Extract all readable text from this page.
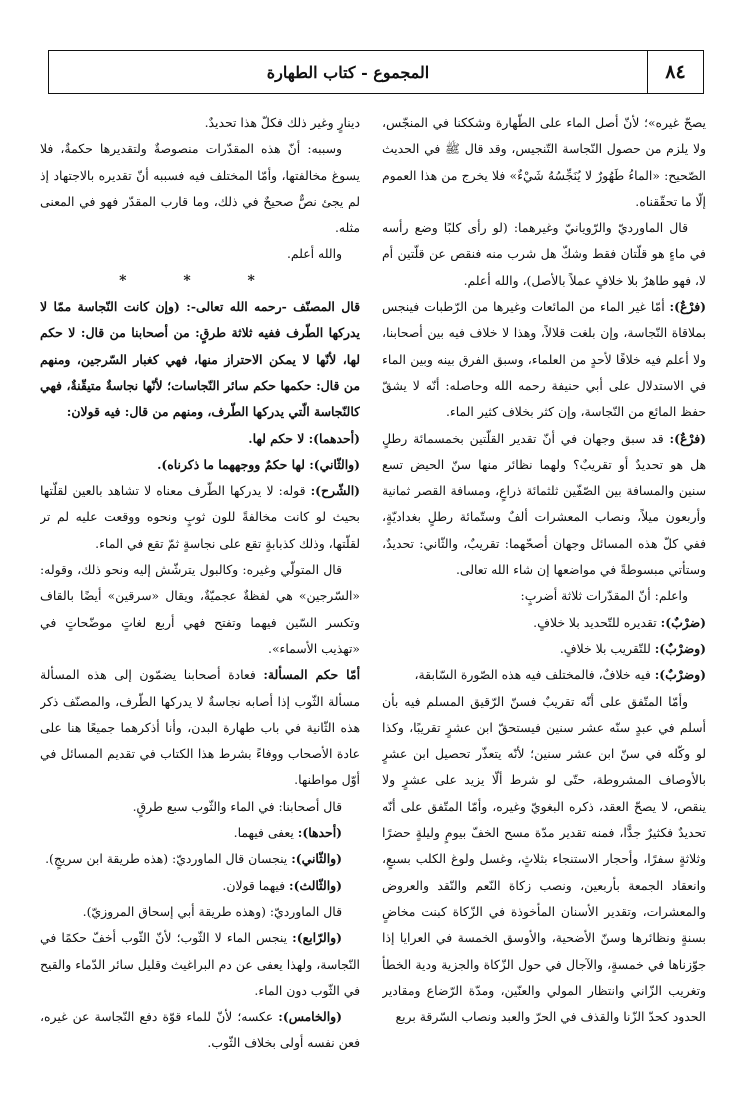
٨٤
المجموع - كتاب الطهارة

يصحّ غيره»؛ لأنّ أصل الماء على الطّهارة وشككنا في المنجّس، ولا يلزم من حصول النّجاسة التّنجيس، وقد قال ﷺ في الحديث الصّحيح: «الماءُ طَهُورٌ لا يُنَجِّسُهُ شَيْءٌ» فلا يخرج من هذا العموم إلّا ما تحقّقناه.

قال الماورديّ والرّويانيّ وغيرهما: (لو رأى كلبًا وضع رأسه في ماءٍ هو قلّتان فقط وشكّ هل شرب منه فنقص عن قلّتين أم لا، فهو طاهرٌ بلا خلافٍ عملاً بالأصل)، والله أعلم.

(فرْعٌ): أمّا غير الماء من المائعات وغيرها من الرّطبات فينجس بملاقاة النّجاسة، وإن بلغت قلالاً، وهذا لا خلاف فيه بين أصحابنا، ولا أعلم فيه خلافًا لأحدٍ من العلماء، وسبق الفرق بينه وبين الماء في الاستدلال على أبي حنيفة رحمه الله وحاصله: أنّه لا يشقّ حفظ المائع من النّجاسة، وإن كثر بخلاف كثير الماء.

(فرْعٌ): قد سبق وجهان في أنّ تقدير القلّتين بخمسمائة رطلٍ هل هو تحديدٌ أو تقريبٌ؟ ولهما نظائر منها سنّ الحيض تسع سنين والمسافة بين الصّفّين ثلثمائة ذراعٍ، ومسافة القصر ثمانية وأربعون ميلاً، ونصاب المعشرات ألفٌ وستّمائة رطلٍ بغداديّةٍ، ففي كلّ هذه المسائل وجهان أصحّهما: تقريبٌ، والثّاني: تحديدٌ، وستأتي مبسوطةً في مواضعها إن شاء الله تعالى.

واعلم: أنّ المقدّرات ثلاثة أضربٍ:

(ضرْبٌ): تقديره للتّحديد بلا خلافٍ.

(وضرْبٌ): للتّقريب بلا خلافٍ.

(وضرْبٌ): فيه خلافٌ، فالمختلف فيه هذه الصّورة السّابقة،

وأمّا المتّفق على أنّه تقريبٌ فسنّ الرّقيق المسلم فيه بأن أسلم في عبدٍ سنّه عشر سنين فيستحقّ ابن عشرٍ تقريبًا، وكذا لو وكّله في سنّ ابن عشر سنين؛ لأنّه يتعذّر تحصيل ابن عشرٍ بالأوصاف المشروطة، حتّى لو شرط ألّا يزيد على عشرٍ ولا ينقص، لا يصحّ العقد، ذكره البغويّ وغيره، وأمّا المتّفق على أنّه تحديدٌ فكثيرٌ جدًّا، فمنه تقدير مدّة مسح الخفّ بيومٍ وليلةٍ حضرًا وثلاثةٍ سفرًا، وأحجار الاستنجاء بثلاثٍ، وغسل ولوغ الكلب بسبعٍ، وانعقاد الجمعة بأربعين، ونصب زكاة النّعم والنّقد والعروض والمعشرات، وتقدير الأسنان المأخوذة في الزّكاة كبنت مخاضٍ بسنةٍ ونظائرها وسنّ الأضحية، والأوسق الخمسة في العرايا إذا جوّزناها في خمسةٍ، والآجال في حول الزّكاة والجزية ودية الخطأ وتغريب الزّاني وانتظار المولي والعنّين، ومدّة الرّضاع ومقادير الحدود كحدّ الزّنا والقذف في الحرّ والعبد ونصاب السّرقة بربع

دينارٍ وغير ذلك فكلّ هذا تحديدٌ.

وسببه: أنّ هذه المقدّرات منصوصةٌ ولتقديرها حكمةٌ، فلا يسوغ مخالفتها، وأمّا المختلف فيه فسببه أنّ تقديره بالاجتهاد إذ لم يجئ نصٌّ صحيحٌ في ذلك، وما قارب المقدّر فهو في المعنى مثله.

والله أعلم.

* * *

قال المصنّف -رحمه الله تعالى-: (وإن كانت النّجاسة ممّا لا يدركها الطّرف ففيه ثلاثة طرقٍ: من أصحابنا من قال: لا حكم لها، لأنّها لا يمكن الاحتراز منها، فهي كغبار السّرجين، ومنهم من قال: حكمها حكم سائر النّجاسات؛ لأنّها نجاسةٌ متيقّنةٌ، فهي كالنّجاسة الّتي يدركها الطّرف، ومنهم من قال: فيه قولان:

(أحدهما): لا حكم لها.

(والثّاني): لها حكمٌ ووجههما ما ذكرناه).

(الشّرح): قوله: لا يدركها الطّرف معناه لا تشاهد بالعين لقلّتها بحيث لو كانت مخالفةً للون ثوبٍ ونحوه ووقعت عليه لم تر لقلّتها، وذلك كذبابةٍ تقع على نجاسةٍ ثمّ تقع في الماء.

قال المتولّي وغيره: وكالبول يترشّش إليه ونحو ذلك، وقوله: «السّرجين» هي لفظةٌ عجميّةٌ، ويقال «سرقين» أيضًا بالقاف وتكسر السّين فيهما وتفتح فهي أربع لغاتٍ موضّحاتٍ في «تهذيب الأسماء».

أمّا حكم المسألة: فعادة أصحابنا يضمّون إلى هذه المسألة مسألة الثّوب إذا أصابه نجاسةٌ لا يدركها الطّرف، والمصنّف ذكر هذه الثّانية في باب طهارة البدن، وأنا أذكرهما جميعًا هنا على عادة الأصحاب ووفاءً بشرط هذا الكتاب في تقديم المسائل في أوّل مواطنها.

قال أصحابنا: في الماء والثّوب سبع طرقٍ.

(أحدها): يعفى فيهما.

(والثّاني): ينجسان قال الماورديّ: (هذه طريقة ابن سريجٍ).

(والثّالث): فيهما قولان.

قال الماورديّ: (وهذه طريقة أبي إسحاق المروزيّ).

(والرّابع): ينجس الماء لا الثّوب؛ لأنّ الثّوب أخفّ حكمًا في النّجاسة، ولهذا يعفى عن دم البراغيث وقليل سائر الدّماء والقيح في الثّوب دون الماء.

(والخامس): عكسه؛ لأنّ للماء قوّة دفع النّجاسة عن غيره، فعن نفسه أولى بخلاف الثّوب.
